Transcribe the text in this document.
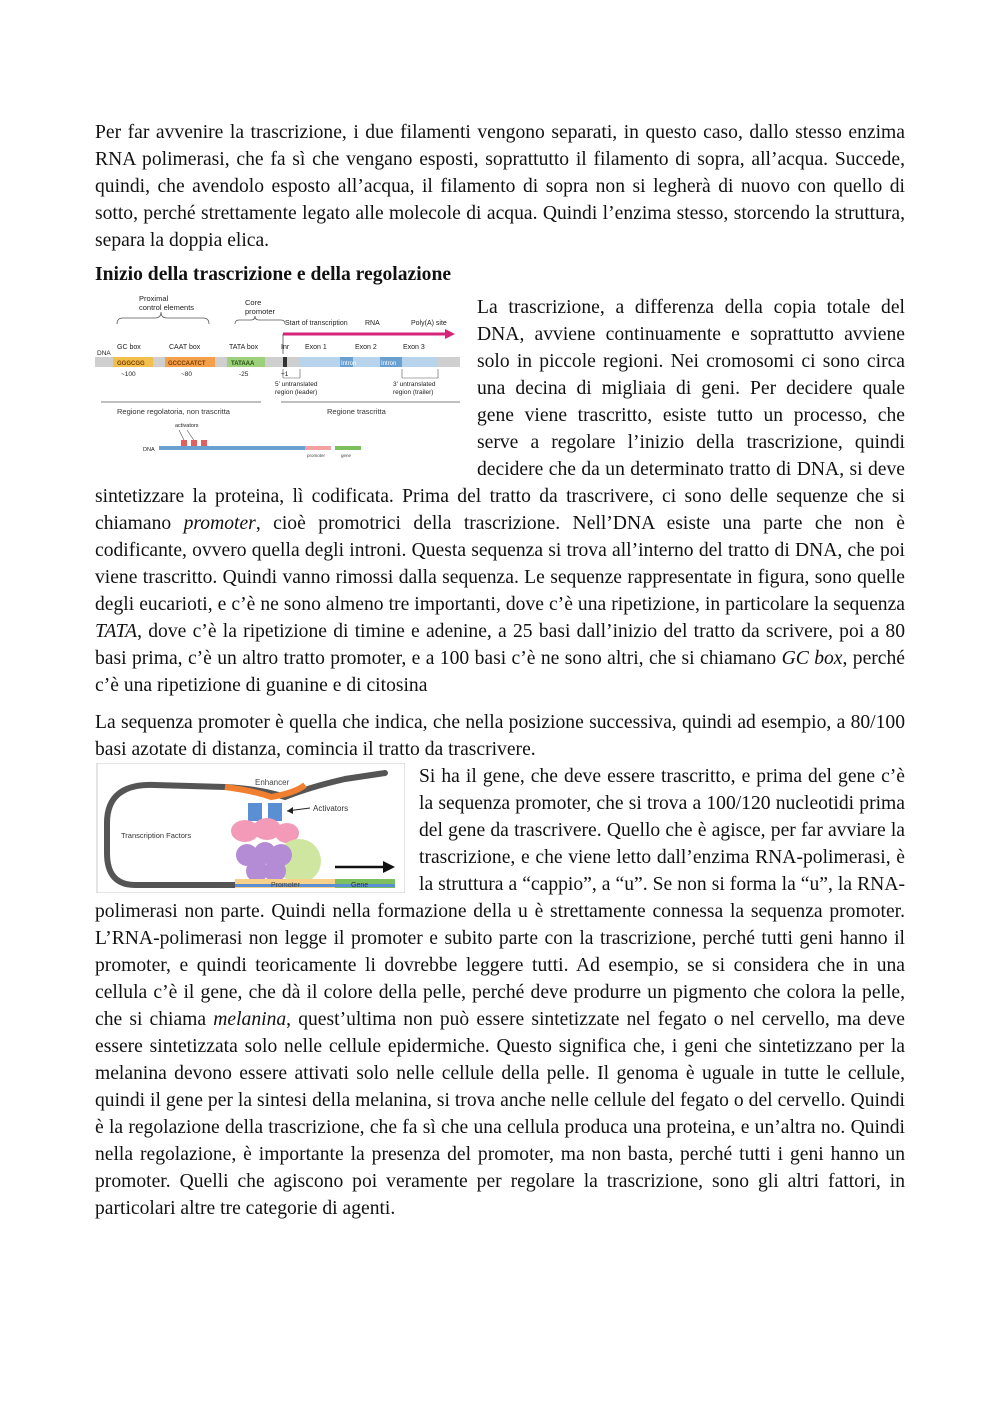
Per far avvenire la trascrizione, i due filamenti vengono separati, in questo caso, dallo stesso enzima RNA polimerasi, che fa sì che vengano esposti, soprattutto il filamento di sopra, all’acqua. Succede, quindi, che avendolo esposto all’acqua, il filamento di sopra non si legherà di nuovo con quello di sotto, perché strettamente legato alle molecole di acqua. Quindi l’enzima stesso, storcendo la struttura, separa la doppia elica.

Inizio della trascrizione e della regolazione
Proximal
control elements
Core
promoter
Start of transcription RNA	Poly(A) site
GC box	CAAT box	TATA box	Inr Exon 1	Exon 2	Exon 3
DNA
GGGCGG	GCCCAATCT	TATAAA	Intron	Intron
~100	~80	-25	+1
5' untranslated
region (leader)
3' untranslated
region (trailer)
Regione regolatoria, non trascritta	Regione trascritta
activators
DNA
promoter	gene

La trascrizione, a differenza della copia totale del DNA, avviene continuamente e soprattutto avviene solo in piccole regioni. Nei cromosomi ci sono circa una decina di migliaia di geni. Per decidere quale gene viene trascritto, esiste tutto un processo, che serve a regolare l’inizio della trascrizione, quindi decidere che da un determinato tratto di DNA, si deve sintetizzare la proteina, lì codificata. Prima del tratto da trascrivere, ci sono delle sequenze che si chiamano promoter, cioè promotrici della trascrizione. Nell’DNA esiste una parte che non è codificante, ovvero quella degli introni. Questa sequenza si trova all’interno del tratto di DNA, che poi viene trascritto. Quindi vanno rimossi dalla sequenza. Le sequenze rappresentate in figura, sono quelle degli eucarioti, e c’è ne sono almeno tre importanti, dove c’è una ripetizione, in particolare la sequenza TATA, dove c’è la ripetizione di timine e adenine, a 25 basi dall’inizio del tratto da scrivere, poi a 80 basi prima, c’è un altro tratto promoter, e a 100 basi c’è ne sono altri, che si chiamano GC box, perché c’è una ripetizione di guanine e di citosina

La sequenza promoter è quella che indica, che nella posizione successiva, quindi ad esempio, a 80/100 basi azotate di distanza, comincia il tratto da trascrivere.

Enhancer
Activators
Transcription Factors
Promoter	Gene

Si ha il gene, che deve essere trascritto, e prima del gene c’è la sequenza promoter, che si trova a 100/120 nucleotidi prima del gene da trascrivere. Quello che è agisce, per far avviare la trascrizione, e che viene letto dall’enzima RNA-polimerasi, è la struttura a “cappio”, a “u”. Se non si forma la “u”, la RNA-polimerasi non parte. Quindi nella formazione della u è strettamente connessa la sequenza promoter. L’RNA-polimerasi non legge il promoter e subito parte con la trascrizione, perché tutti geni hanno il promoter, e quindi teoricamente li dovrebbe leggere tutti. Ad esempio, se si considera che in una cellula c’è il gene, che dà il colore della pelle, perché deve produrre un pigmento che colora la pelle, che si chiama melanina, quest’ultima non può essere sintetizzate nel fegato o nel cervello, ma deve essere sintetizzata solo nelle cellule epidermiche. Questo significa che, i geni che sintetizzano per la melanina devono essere attivati solo nelle cellule della pelle. Il genoma è uguale in tutte le cellule, quindi il gene per la sintesi della melanina, si trova anche nelle cellule del fegato o del cervello. Quindi è la regolazione della trascrizione, che fa sì che una cellula produca una proteina, e un’altra no. Quindi nella regolazione, è importante la presenza del promoter, ma non basta, perché tutti i geni hanno un promoter. Quelli che agiscono poi veramente per regolare la trascrizione, sono gli altri fattori, in particolari altre tre categorie di agenti.
